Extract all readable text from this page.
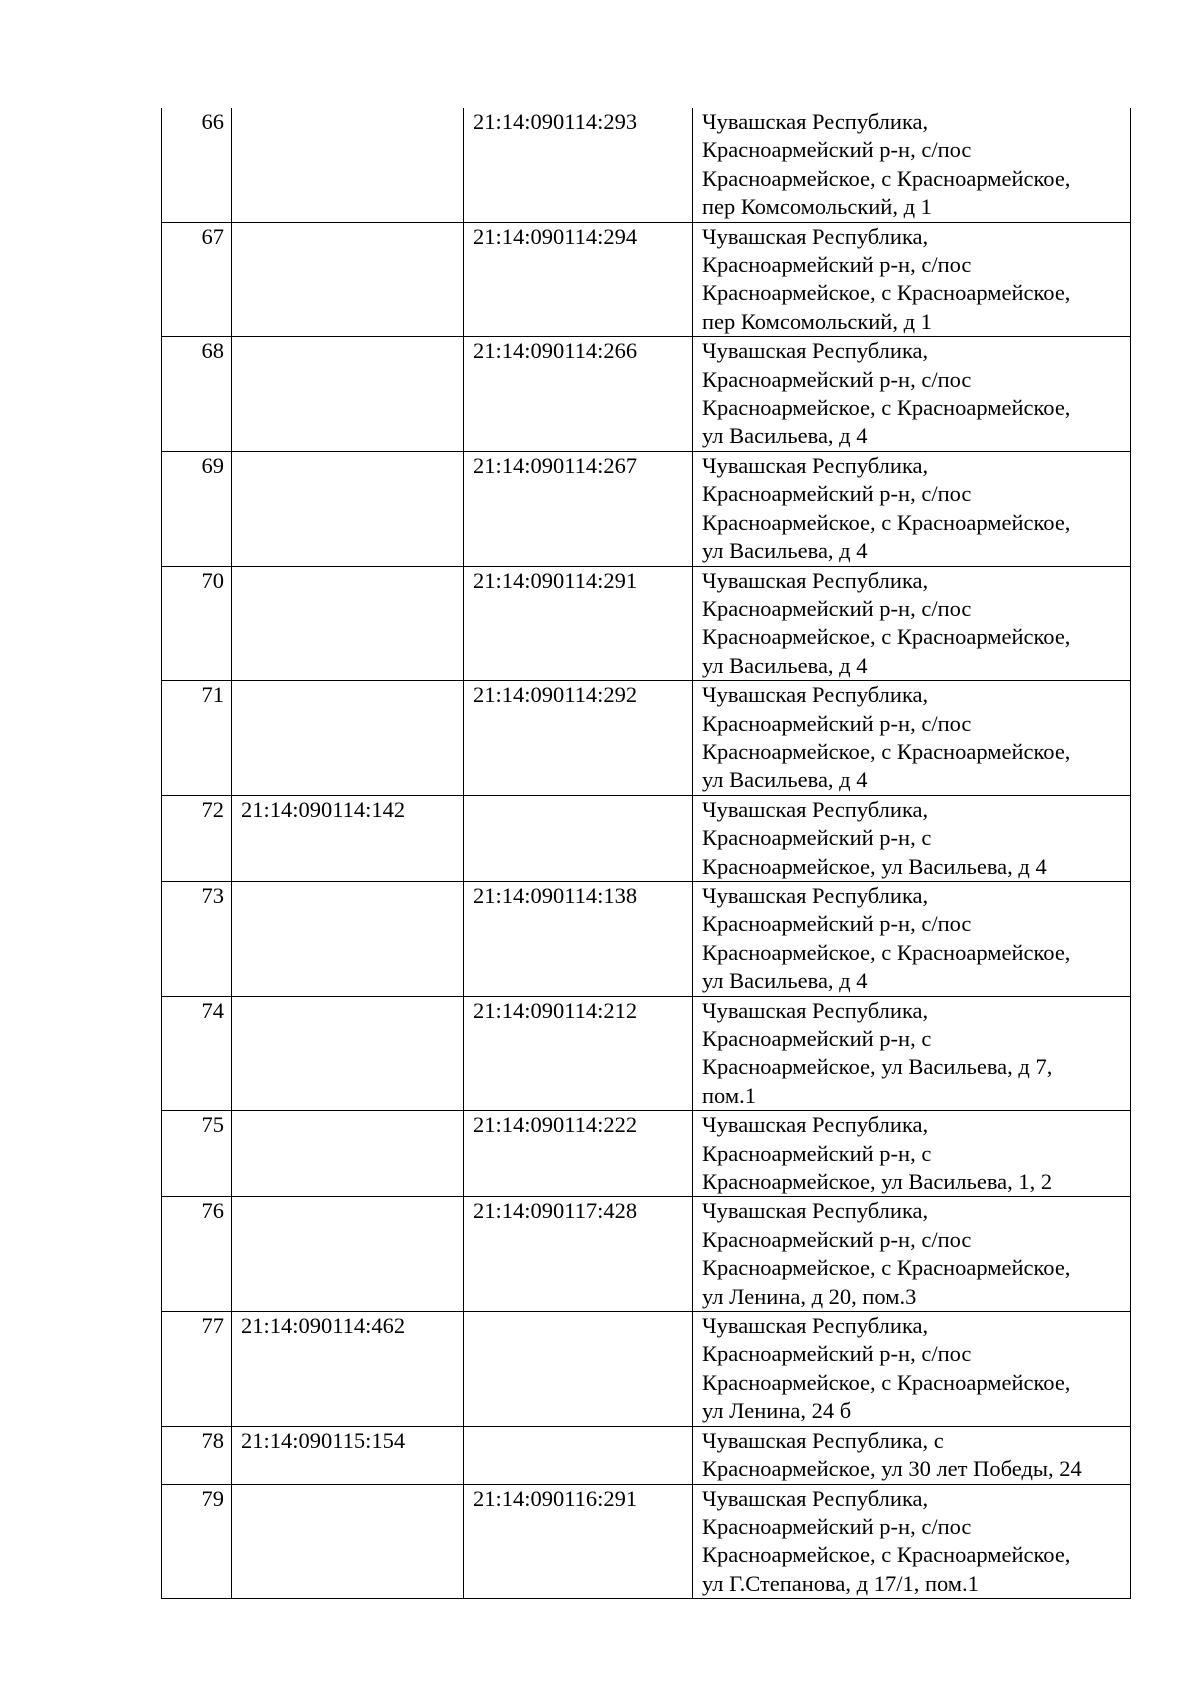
66		21:14:090114:293	Чувашская Республика,
Красноармейский р-н, с/пос
Красноармейское, с Красноармейское,
пер Комсомольский, д 1

67		21:14:090114:294	Чувашская Республика,
Красноармейский р-н, с/пос
Красноармейское, с Красноармейское,
пер Комсомольский, д 1

68		21:14:090114:266	Чувашская Республика,
Красноармейский р-н, с/пос
Красноармейское, с Красноармейское,
ул Васильева, д 4

69		21:14:090114:267	Чувашская Республика,
Красноармейский р-н, с/пос
Красноармейское, с Красноармейское,
ул Васильева, д 4

70		21:14:090114:291	Чувашская Республика,
Красноармейский р-н, с/пос
Красноармейское, с Красноармейское,
ул Васильева, д 4

71		21:14:090114:292	Чувашская Республика,
Красноармейский р-н, с/пос
Красноармейское, с Красноармейское,
ул Васильева, д 4

72	21:14:090114:142		Чувашская Республика,
Красноармейский р-н, с
Красноармейское, ул Васильева, д 4

73		21:14:090114:138	Чувашская Республика,
Красноармейский р-н, с/пос
Красноармейское, с Красноармейское,
ул Васильева, д 4

74		21:14:090114:212	Чувашская Республика,
Красноармейский р-н, с
Красноармейское, ул Васильева, д 7,
пом.1

75		21:14:090114:222	Чувашская Республика,
Красноармейский р-н, с
Красноармейское, ул Васильева, 1, 2

76		21:14:090117:428	Чувашская Республика,
Красноармейский р-н, с/пос
Красноармейское, с Красноармейское,
ул Ленина, д 20, пом.3

77	21:14:090114:462		Чувашская Республика,
Красноармейский р-н, с/пос
Красноармейское, с Красноармейское,
ул Ленина, 24 б

78	21:14:090115:154		Чувашская Республика, с
Красноармейское, ул 30 лет Победы, 24

79		21:14:090116:291	Чувашская Республика,
Красноармейский р-н, с/пос
Красноармейское, с Красноармейское,
ул Г.Степанова, д 17/1, пом.1
